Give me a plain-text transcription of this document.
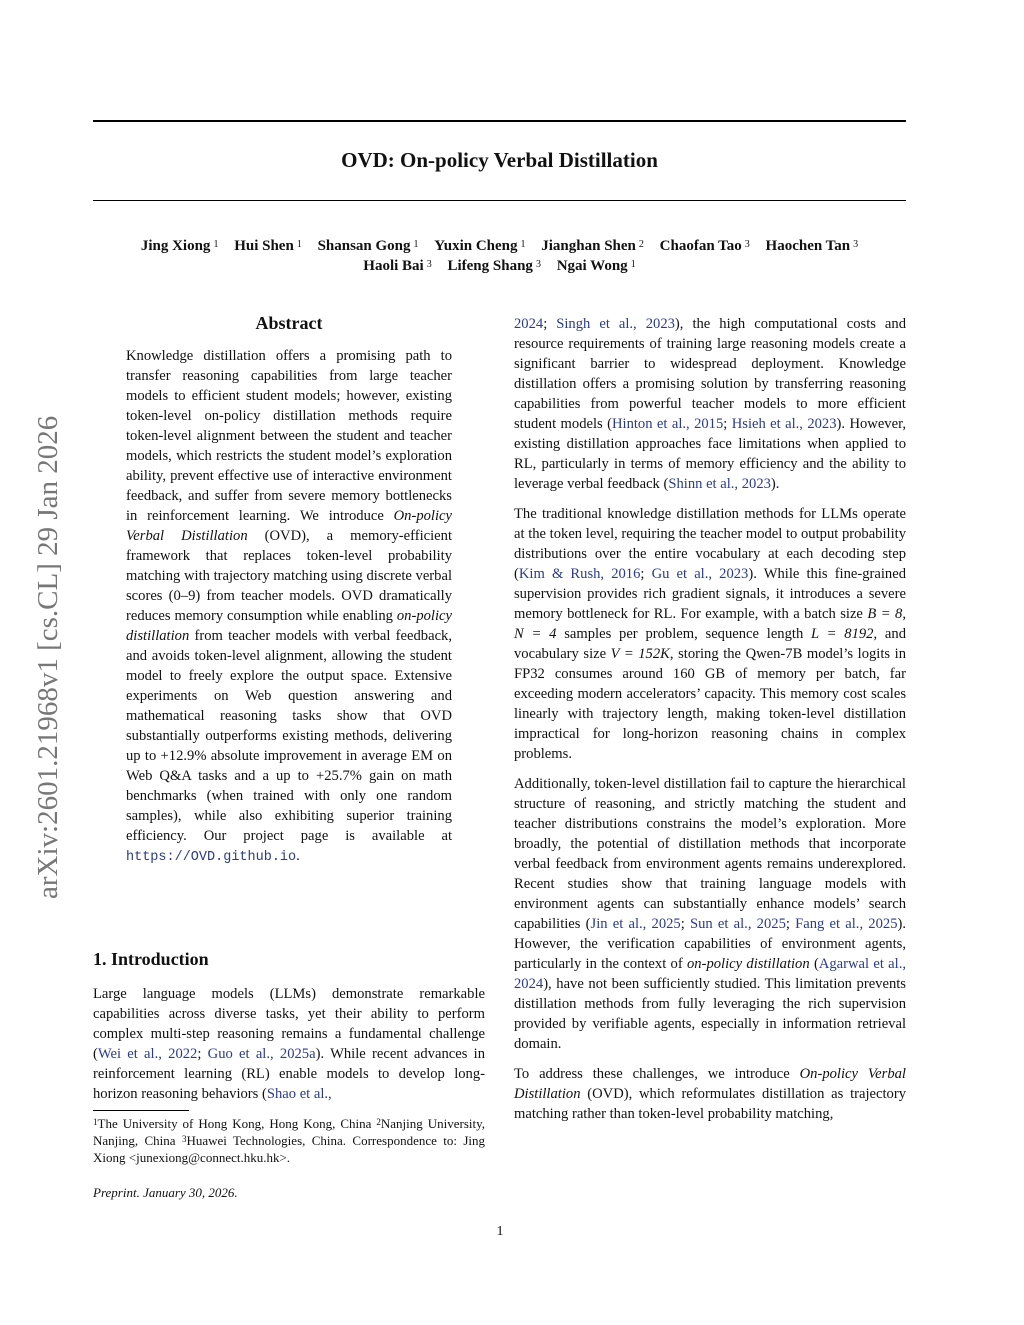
OVD: On-policy Verbal Distillation
Jing Xiong $^1$ Hui Shen $^1$ Shansan Gong $^1$ Yuxin Cheng $^1$ Jianghan Shen $^2$ Chaofan Tao $^3$ Haochen Tan $^3$
Haoli Bai $^3$ Lifeng Shang $^3$ Ngai Wong $^1$
arXiv:2601.21968v1 [cs.CL] 29 Jan 2026
Abstract
Knowledge distillation offers a promising path to transfer reasoning capabilities from large teacher models to efficient student models; however, existing token-level on-policy distillation methods require token-level alignment between the student and teacher models, which restricts the student model’s exploration ability, prevent effective use of interactive environment feedback, and suffer from severe memory bottlenecks in reinforcement learning. We introduce On-policy Verbal Distillation (OVD), a memory-efficient framework that replaces token-level probability matching with trajectory matching using discrete verbal scores (0–9) from teacher models. OVD dramatically reduces memory consumption while enabling on-policy distillation from teacher models with verbal feedback, and avoids token-level alignment, allowing the student model to freely explore the output space. Extensive experiments on Web question answering and mathematical reasoning tasks show that OVD substantially outperforms existing methods, delivering up to +12.9% absolute improvement in average EM on Web Q&A tasks and a up to +25.7% gain on math benchmarks (when trained with only one random samples), while also exhibiting superior training efficiency. Our project page is available at https://OVD.github.io.
1. Introduction
Large language models (LLMs) demonstrate remarkable capabilities across diverse tasks, yet their ability to perform complex multi-step reasoning remains a fundamental challenge (Wei et al., 2022; Guo et al., 2025a). While recent advances in reinforcement learning (RL) enable models to develop long-horizon reasoning behaviors (Shao et al.,
$^1$The University of Hong Kong, Hong Kong, China $^2$Nanjing University, Nanjing, China $^3$Huawei Technologies, China. Correspondence to: Jing Xiong <junexiong@connect.hku.hk>.
Preprint. January 30, 2026.

2024; Singh et al., 2023), the high computational costs and resource requirements of training large reasoning models create a significant barrier to widespread deployment. Knowledge distillation offers a promising solution by transferring reasoning capabilities from powerful teacher models to more efficient student models (Hinton et al., 2015; Hsieh et al., 2023). However, existing distillation approaches face limitations when applied to RL, particularly in terms of memory efficiency and the ability to leverage verbal feedback (Shinn et al., 2023).

The traditional knowledge distillation methods for LLMs operate at the token level, requiring the teacher model to output probability distributions over the entire vocabulary at each decoding step (Kim & Rush, 2016; Gu et al., 2023). While this fine-grained supervision provides rich gradient signals, it introduces a severe memory bottleneck for RL. For example, with a batch size B = 8, N = 4 samples per problem, sequence length L = 8192, and vocabulary size V = 152K, storing the Qwen-7B model’s logits in FP32 consumes around 160 GB of memory per batch, far exceeding modern accelerators’ capacity. This memory cost scales linearly with trajectory length, making token-level distillation impractical for long-horizon reasoning chains in complex problems.

Additionally, token-level distillation fail to capture the hierarchical structure of reasoning, and strictly matching the student and teacher distributions constrains the model’s exploration. More broadly, the potential of distillation methods that incorporate verbal feedback from environment agents remains underexplored. Recent studies show that training language models with environment agents can substantially enhance models’ search capabilities (Jin et al., 2025; Sun et al., 2025; Fang et al., 2025). However, the verification capabilities of environment agents, particularly in the context of on-policy distillation (Agarwal et al., 2024), have not been sufficiently studied. This limitation prevents distillation methods from fully leveraging the rich supervision provided by verifiable agents, especially in information retrieval domain.

To address these challenges, we introduce On-policy Verbal Distillation (OVD), which reformulates distillation as trajectory matching rather than token-level probability matching,

1
